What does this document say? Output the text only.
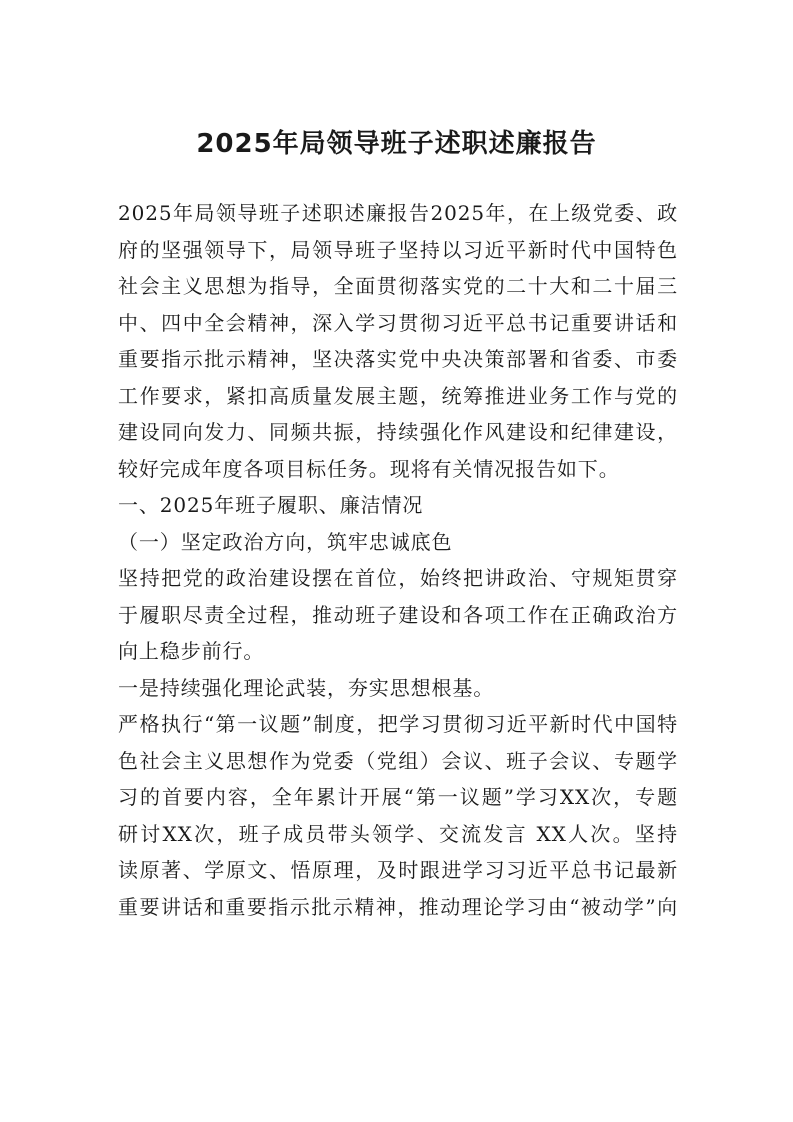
2025年局领导班子述职述廉报告
2025年局领导班子述职述廉报告2025年，在上级党委、政
府的坚强领导下，局领导班子坚持以习近平新时代中国特色
社会主义思想为指导，全面贯彻落实党的二十大和二十届三
中、四中全会精神，深入学习贯彻习近平总书记重要讲话和
重要指示批示精神，坚决落实党中央决策部署和省委、市委
工作要求，紧扣高质量发展主题，统筹推进业务工作与党的
建设同向发力、同频共振，持续强化作风建设和纪律建设，
较好完成年度各项目标任务。现将有关情况报告如下。
一、2025年班子履职、廉洁情况
（一）坚定政治方向，筑牢忠诚底色
坚持把党的政治建设摆在首位，始终把讲政治、守规矩贯穿
于履职尽责全过程，推动班子建设和各项工作在正确政治方
向上稳步前行。
一是持续强化理论武装，夯实思想根基。
严格执行“第一议题”制度，把学习贯彻习近平新时代中国特
色社会主义思想作为党委（党组）会议、班子会议、专题学
习的首要内容，全年累计开展“第一议题”学习XX次，专题
研讨XX次，班子成员带头领学、交流发言 XX人次。坚持
读原著、学原文、悟原理，及时跟进学习习近平总书记最新
重要讲话和重要指示批示精神，推动理论学习由“被动学”向
